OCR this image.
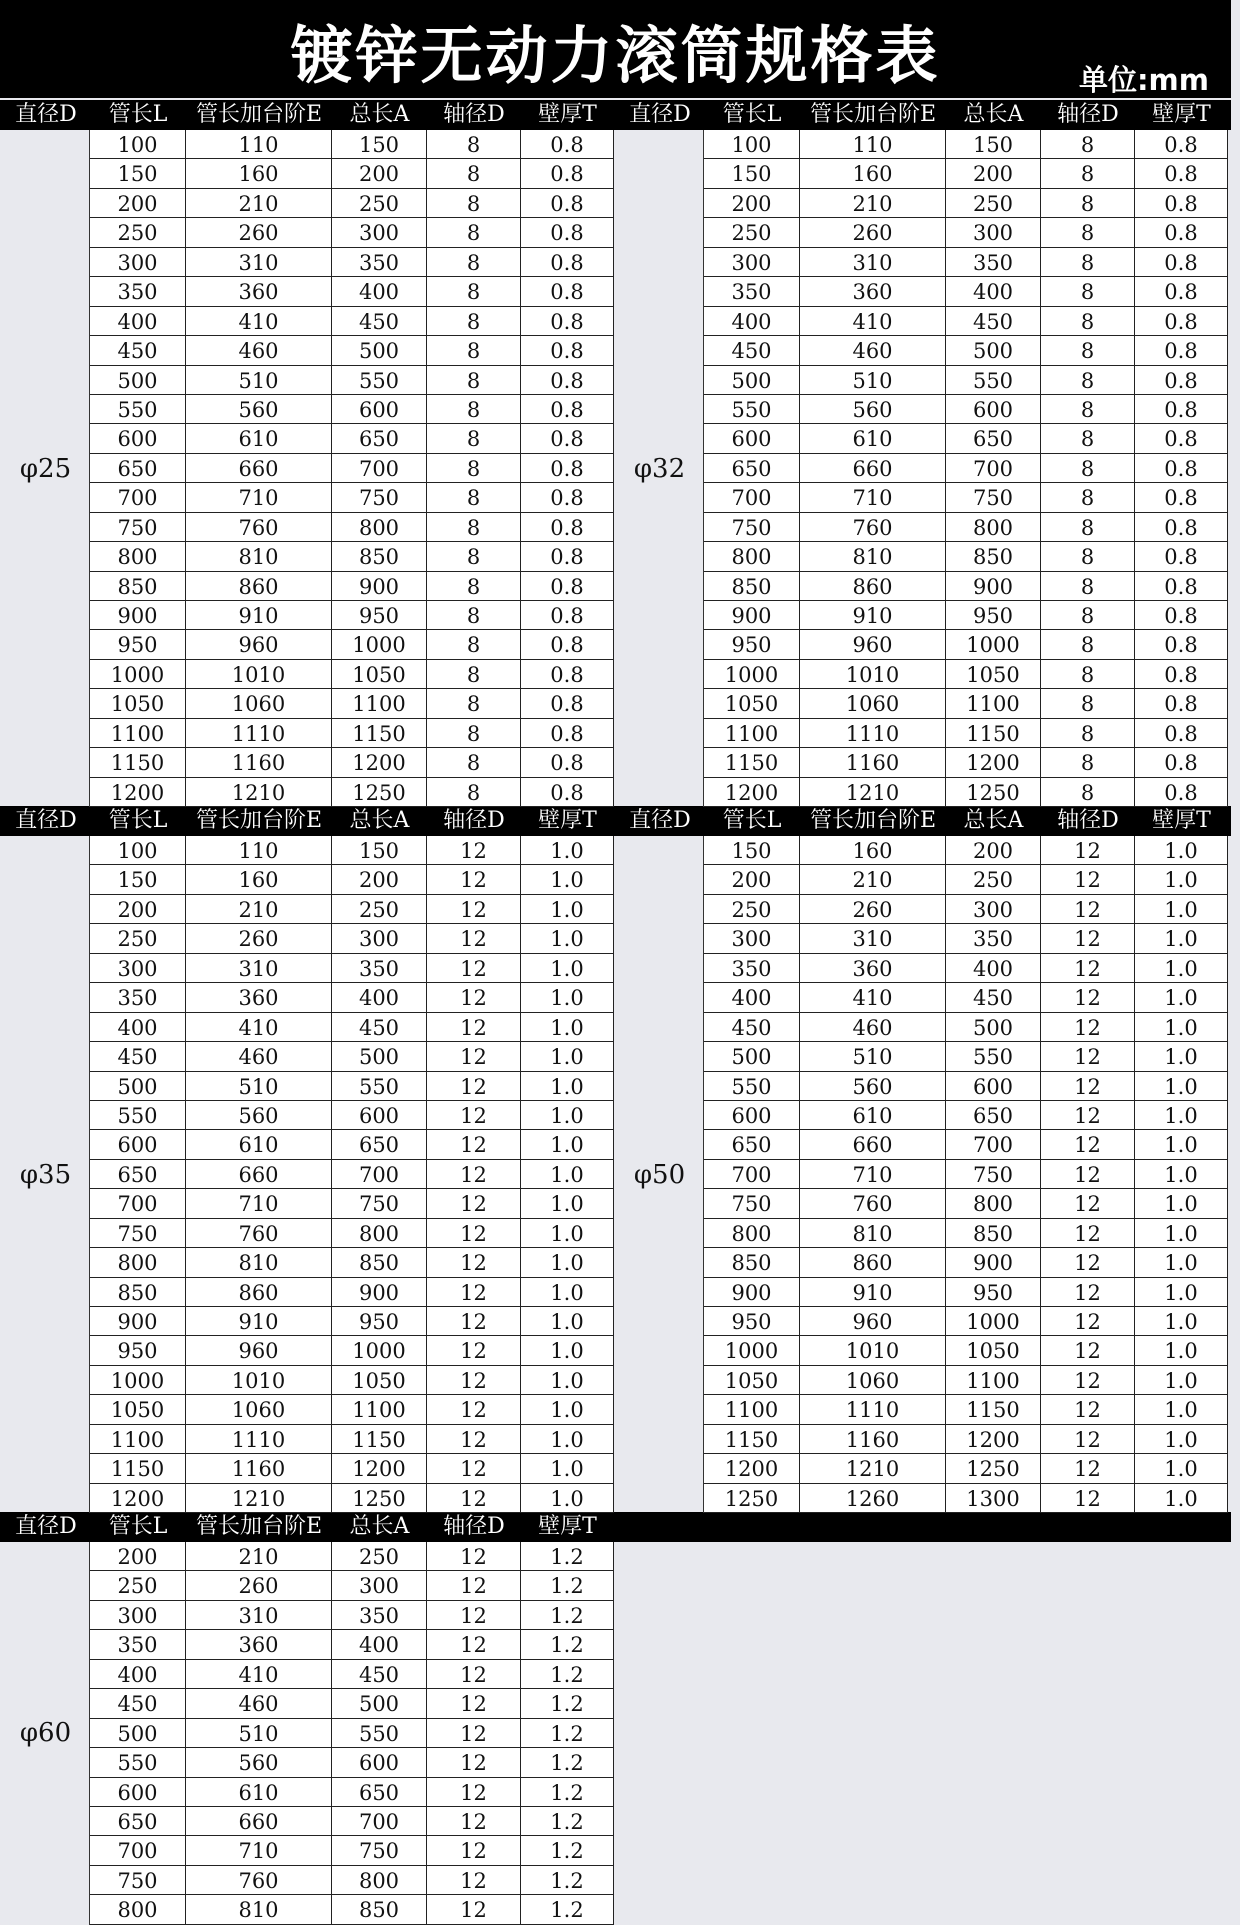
镀锌无动力滚筒规格表	单位:mm
直径D	管长L	管长加台阶E	总长A	轴径D	壁厚T	直径D	管长L	管长加台阶E	总长A	轴径D	壁厚T
直径D	管长L	管长加台阶E	总长A	轴径D	壁厚T	直径D	管长L	管长加台阶E	总长A	轴径D	壁厚T
直径D	管长L	管长加台阶E	总长A	轴径D	壁厚T
φ25
100	110	150	8	0.8
150	160	200	8	0.8
200	210	250	8	0.8
250	260	300	8	0.8
300	310	350	8	0.8
350	360	400	8	0.8
400	410	450	8	0.8
450	460	500	8	0.8
500	510	550	8	0.8
550	560	600	8	0.8
600	610	650	8	0.8
650	660	700	8	0.8
700	710	750	8	0.8
750	760	800	8	0.8
800	810	850	8	0.8
850	860	900	8	0.8
900	910	950	8	0.8
950	960	1000	8	0.8
1000	1010	1050	8	0.8
1050	1060	1100	8	0.8
1100	1110	1150	8	0.8
1150	1160	1200	8	0.8
1200	1210	1250	8	0.8
φ32
100	110	150	8	0.8
150	160	200	8	0.8
200	210	250	8	0.8
250	260	300	8	0.8
300	310	350	8	0.8
350	360	400	8	0.8
400	410	450	8	0.8
450	460	500	8	0.8
500	510	550	8	0.8
550	560	600	8	0.8
600	610	650	8	0.8
650	660	700	8	0.8
700	710	750	8	0.8
750	760	800	8	0.8
800	810	850	8	0.8
850	860	900	8	0.8
900	910	950	8	0.8
950	960	1000	8	0.8
1000	1010	1050	8	0.8
1050	1060	1100	8	0.8
1100	1110	1150	8	0.8
1150	1160	1200	8	0.8
1200	1210	1250	8	0.8
φ35
100	110	150	12	1.0
150	160	200	12	1.0
200	210	250	12	1.0
250	260	300	12	1.0
300	310	350	12	1.0
350	360	400	12	1.0
400	410	450	12	1.0
450	460	500	12	1.0
500	510	550	12	1.0
550	560	600	12	1.0
600	610	650	12	1.0
650	660	700	12	1.0
700	710	750	12	1.0
750	760	800	12	1.0
800	810	850	12	1.0
850	860	900	12	1.0
900	910	950	12	1.0
950	960	1000	12	1.0
1000	1010	1050	12	1.0
1050	1060	1100	12	1.0
1100	1110	1150	12	1.0
1150	1160	1200	12	1.0
1200	1210	1250	12	1.0
φ50
150	160	200	12	1.0
200	210	250	12	1.0
250	260	300	12	1.0
300	310	350	12	1.0
350	360	400	12	1.0
400	410	450	12	1.0
450	460	500	12	1.0
500	510	550	12	1.0
550	560	600	12	1.0
600	610	650	12	1.0
650	660	700	12	1.0
700	710	750	12	1.0
750	760	800	12	1.0
800	810	850	12	1.0
850	860	900	12	1.0
900	910	950	12	1.0
950	960	1000	12	1.0
1000	1010	1050	12	1.0
1050	1060	1100	12	1.0
1100	1110	1150	12	1.0
1150	1160	1200	12	1.0
1200	1210	1250	12	1.0
1250	1260	1300	12	1.0
φ60
200	210	250	12	1.2
250	260	300	12	1.2
300	310	350	12	1.2
350	360	400	12	1.2
400	410	450	12	1.2
450	460	500	12	1.2
500	510	550	12	1.2
550	560	600	12	1.2
600	610	650	12	1.2
650	660	700	12	1.2
700	710	750	12	1.2
750	760	800	12	1.2
800	810	850	12	1.2
